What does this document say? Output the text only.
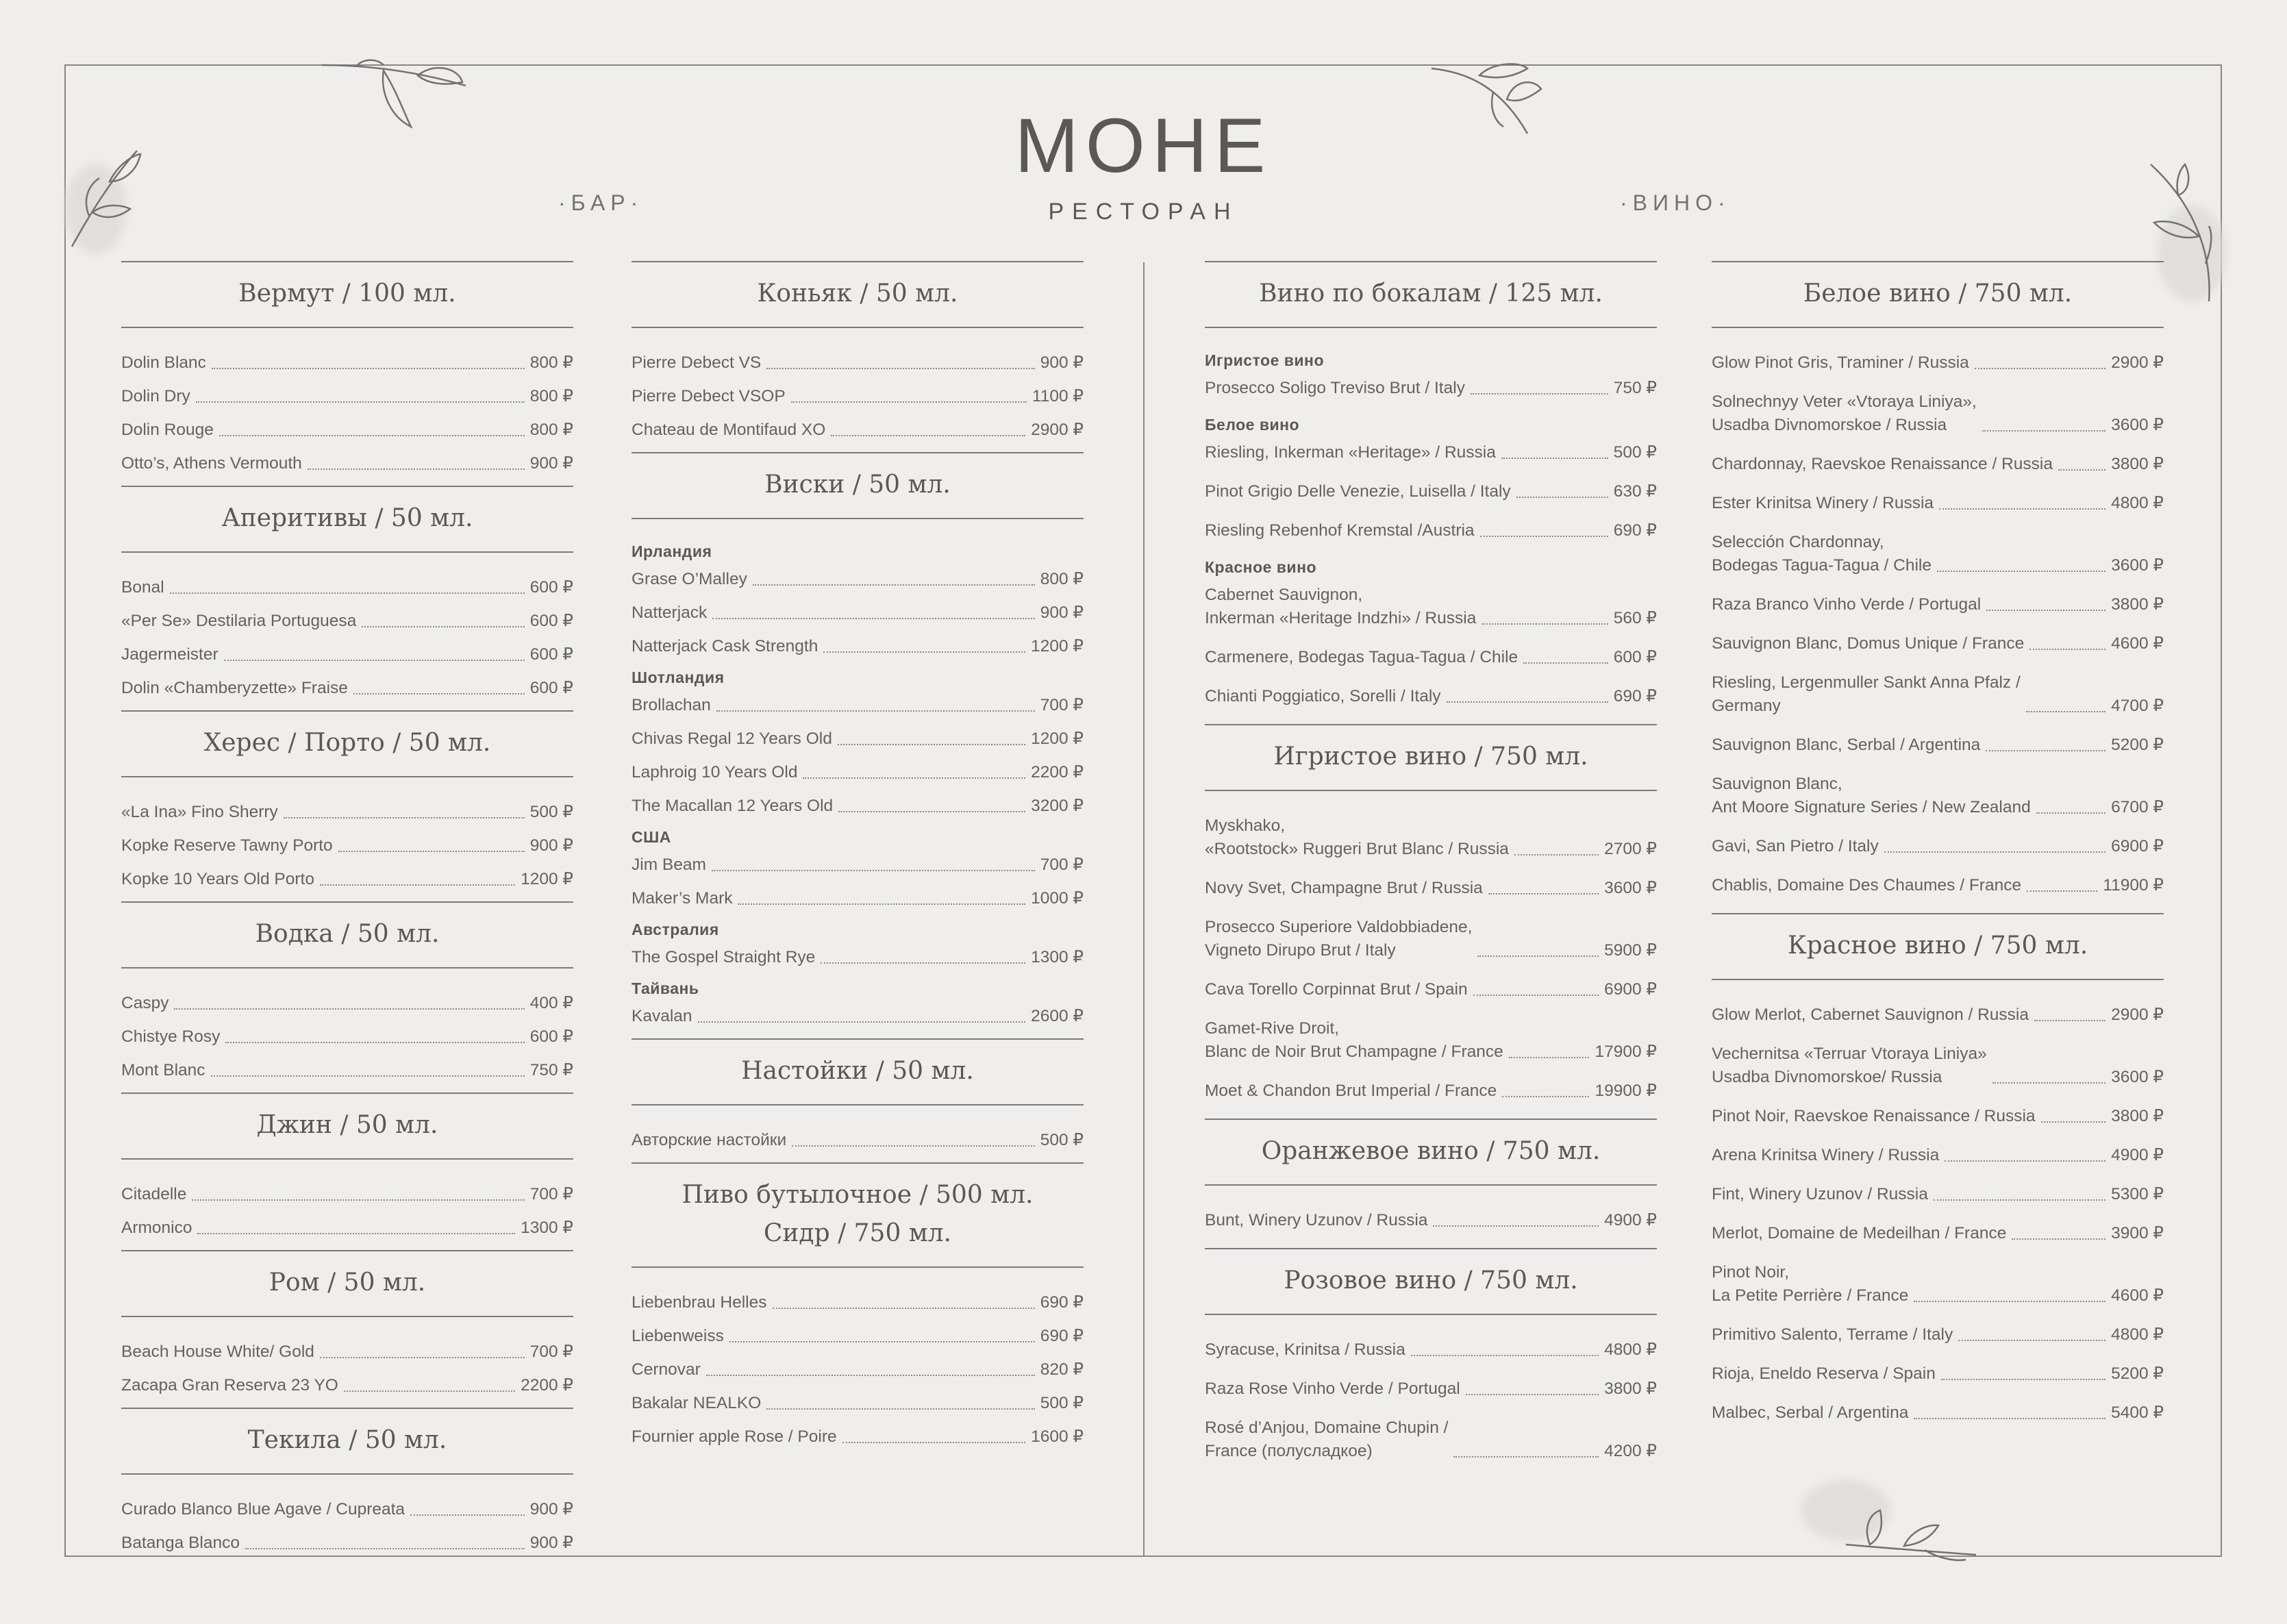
МОНЕ
РЕСТОРАН
·БАР·	·ВИНО·
Вермут / 100 мл.
Dolin Blanc	800 ₽
Dolin Dry	800 ₽
Dolin Rouge	800 ₽
Otto’s, Athens Vermouth	900 ₽
Аперитивы / 50 мл.
Bonal	600 ₽
«Per Se» Destilaria Portuguesa	600 ₽
Jagermeister	600 ₽
Dolin «Chamberyzette» Fraise	600 ₽
Херес / Порто / 50 мл.
«La Ina» Fino Sherry	500 ₽
Kopke Reserve Tawny Porto	900 ₽
Kopke 10 Years Old Porto	1200 ₽
Водка / 50 мл.
Caspy	400 ₽
Chistye Rosy	600 ₽
Mont Blanc	750 ₽
Джин / 50 мл.
Citadelle	700 ₽
Armonico	1300 ₽
Ром / 50 мл.
Beach House White/ Gold	700 ₽
Zacapa Gran Reserva 23 YO	2200 ₽
Текила / 50 мл.
Curado Blanco Blue Agave / Cupreata	900 ₽
Batanga Blanco	900 ₽
Коньяк / 50 мл.
Pierre Debect VS	900 ₽
Pierre Debect VSOP	1100 ₽
Chateau de Montifaud XO	2900 ₽
Виски / 50 мл.
Ирландия
Grase O’Malley	800 ₽
Natterjack	900 ₽
Natterjack Cask Strength	1200 ₽
Шотландия
Brollachan	700 ₽
Chivas Regal 12 Years Old	1200 ₽
Laphroig 10 Years Old	2200 ₽
The Macallan 12 Years Old	3200 ₽
США
Jim Beam	700 ₽
Maker’s Mark	1000 ₽
Австралия
The Gospel Straight Rye	1300 ₽
Тайвань
Kavalan	2600 ₽
Настойки / 50 мл.
Авторские настойки	500 ₽
Пиво бутылочное / 500 мл.
Сидр / 750 мл.
Liebenbrau Helles	690 ₽
Liebenweiss	690 ₽
Cernovar	820 ₽
Bakalar NEALKO	500 ₽
Fournier apple Rose / Poire	1600 ₽
Вино по бокалам / 125 мл.
Игристое вино
Prosecco Soligo Treviso Brut / Italy	750 ₽
Белое вино
Riesling, Inkerman «Heritage» / Russia	500 ₽
Pinot Grigio Delle Venezie, Luisella / Italy	630 ₽
Riesling Rebenhof Kremstal /Austria	690 ₽
Красное вино
Cabernet Sauvignon,
Inkerman «Heritage Indzhi» / Russia	560 ₽
Carmenere, Bodegas Tagua-Tagua / Chile	600 ₽
Chianti Poggiatico, Sorelli / Italy	690 ₽
Игристое вино / 750 мл.
Myskhako,
«Rootstock» Ruggeri Brut Blanc / Russia	2700 ₽
Novy Svet, Champagne Brut / Russia	3600 ₽
Prosecco Superiore Valdobbiadene,
Vigneto Dirupo Brut / Italy	5900 ₽
Cava Torello Corpinnat Brut / Spain	6900 ₽
Gamet-Rive Droit,
Blanc de Noir Brut Champagne / France	17900 ₽
Moet & Chandon Brut Imperial / France	19900 ₽
Оранжевое вино / 750 мл.
Bunt, Winery Uzunov / Russia	4900 ₽
Розовое вино / 750 мл.
Syracuse, Krinitsa / Russia	4800 ₽
Raza Rose Vinho Verde / Portugal	3800 ₽
Rosé d’Anjou, Domaine Chupin /
France (полусладкое)	4200 ₽
Белое вино / 750 мл.
Glow Pinot Gris, Traminer / Russia	2900 ₽
Solnechnyy Veter «Vtoraya Liniya»,
Usadba Divnomorskoe / Russia	3600 ₽
Chardonnay, Raevskoe Renaissance / Russia	3800 ₽
Ester Krinitsa Winery / Russia	4800 ₽
Selección Chardonnay,
Bodegas Tagua-Tagua / Chile	3600 ₽
Raza Branco Vinho Verde / Portugal	3800 ₽
Sauvignon Blanc, Domus Unique / France	4600 ₽
Riesling, Lergenmuller Sankt Anna Pfalz /
Germany	4700 ₽
Sauvignon Blanc, Serbal / Argentina	5200 ₽
Sauvignon Blanc,
Ant Moore Signature Series / New Zealand	6700 ₽
Gavi, San Pietro / Italy	6900 ₽
Chablis, Domaine Des Chaumes / France	11900 ₽
Красное вино / 750 мл.
Glow Merlot, Cabernet Sauvignon / Russia	2900 ₽
Vechernitsa «Terruar Vtoraya Liniya»
Usadba Divnomorskoe/ Russia	3600 ₽
Pinot Noir, Raevskoe Renaissance / Russia	3800 ₽
Arena Krinitsa Winery / Russia	4900 ₽
Fint, Winery Uzunov / Russia	5300 ₽
Merlot, Domaine de Medeilhan / France	3900 ₽
Pinot Noir,
La Petite Perrière / France	4600 ₽
Primitivo Salento, Terrame / Italy	4800 ₽
Rioja, Eneldo Reserva / Spain	5200 ₽
Malbec, Serbal / Argentina	5400 ₽
